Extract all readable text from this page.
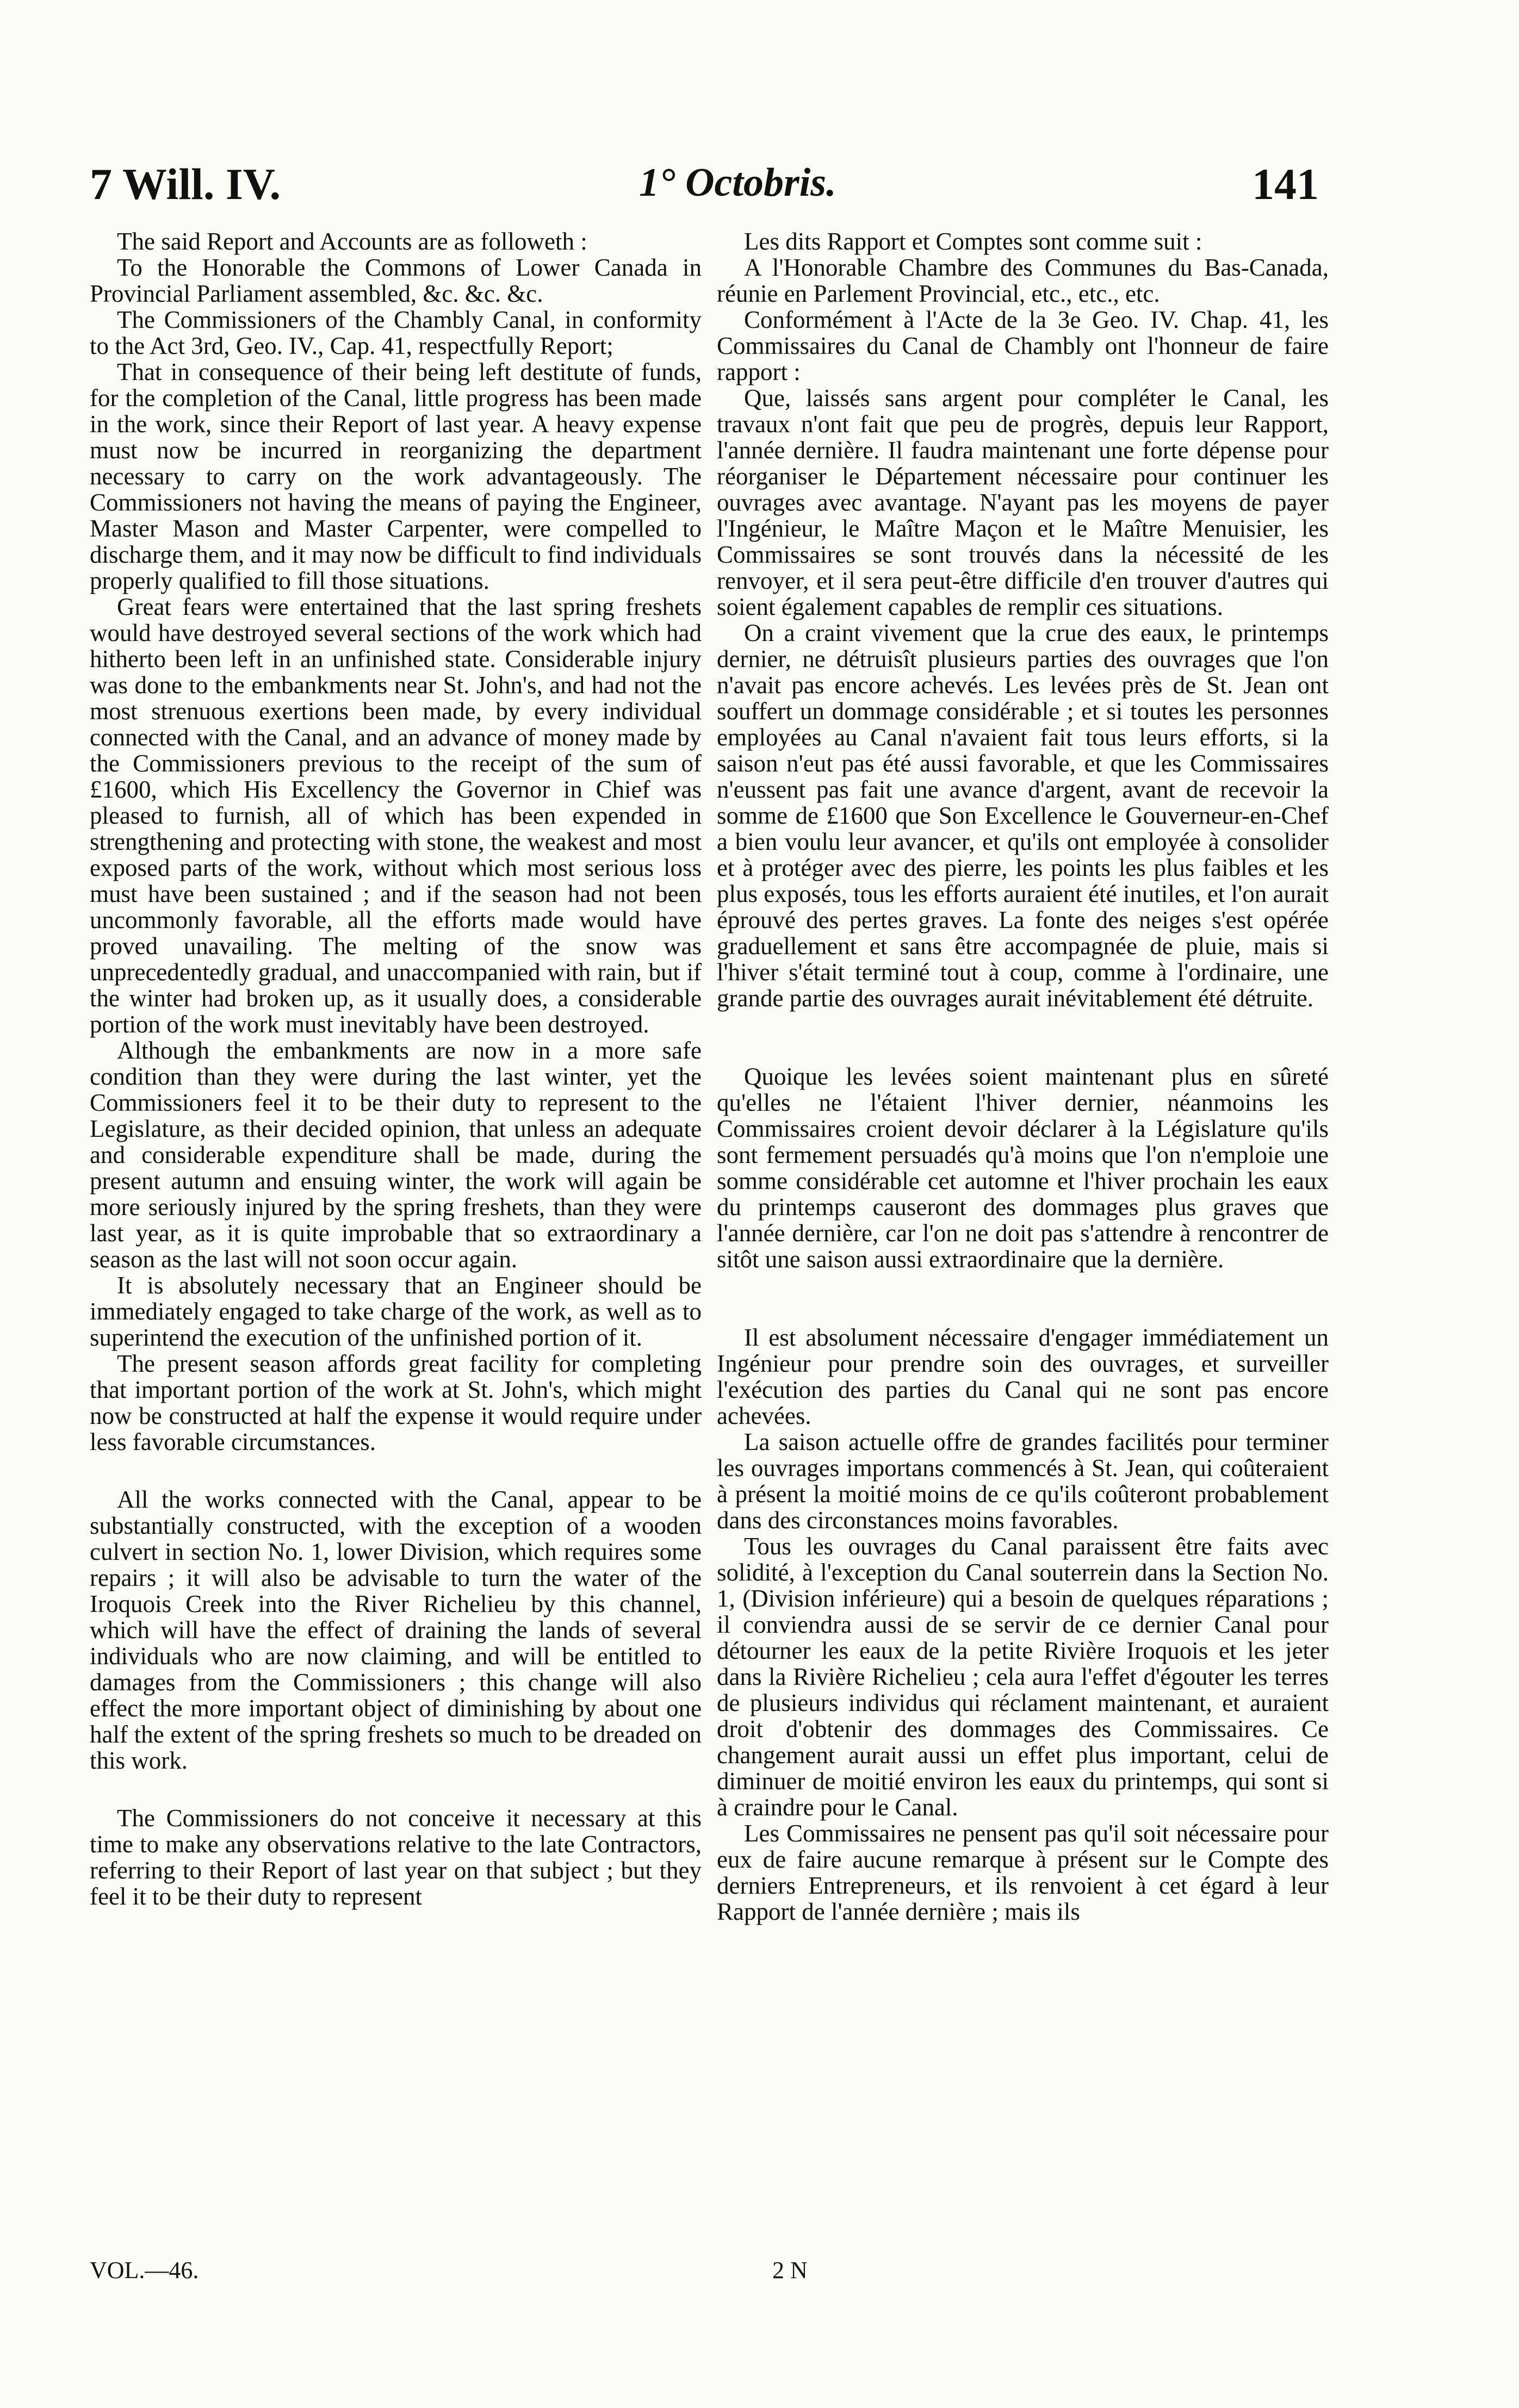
7 Will. IV.	1° Octobris.	141

The said Report and Accounts are as followeth :

To the Honorable the Commons of Lower Canada in Provincial Parliament assembled, &c. &c. &c.

The Commissioners of the Chambly Canal, in conformity to the Act 3rd, Geo. IV., Cap. 41, respectfully Report;

That in consequence of their being left destitute of funds, for the completion of the Canal, little progress has been made in the work, since their Report of last year. A heavy expense must now be incurred in reorganizing the department necessary to carry on the work advantageously. The Commissioners not having the means of paying the Engineer, Master Mason and Master Carpenter, were compelled to discharge them, and it may now be difficult to find individuals properly qualified to fill those situations.

Great fears were entertained that the last spring freshets would have destroyed several sections of the work which had hitherto been left in an unfinished state. Considerable injury was done to the embankments near St. John's, and had not the most strenuous exertions been made, by every individual connected with the Canal, and an advance of money made by the Commissioners previous to the receipt of the sum of £1600, which His Excellency the Governor in Chief was pleased to furnish, all of which has been expended in strengthening and protecting with stone, the weakest and most exposed parts of the work, without which most serious loss must have been sustained ; and if the season had not been uncommonly favorable, all the efforts made would have proved unavailing. The melting of the snow was unprecedentedly gradual, and unaccompanied with rain, but if the winter had broken up, as it usually does, a considerable portion of the work must inevitably have been destroyed.

Although the embankments are now in a more safe condition than they were during the last winter, yet the Commissioners feel it to be their duty to represent to the Legislature, as their decided opinion, that unless an adequate and considerable expenditure shall be made, during the present autumn and ensuing winter, the work will again be more seriously injured by the spring freshets, than they were last year, as it is quite improbable that so extraordinary a season as the last will not soon occur again.

It is absolutely necessary that an Engineer should be immediately engaged to take charge of the work, as well as to superintend the execution of the unfinished portion of it.

The present season affords great facility for completing that important portion of the work at St. John's, which might now be constructed at half the expense it would require under less favorable circumstances.

All the works connected with the Canal, appear to be substantially constructed, with the exception of a wooden culvert in section No. 1, lower Division, which requires some repairs ; it will also be advisable to turn the water of the Iroquois Creek into the River Richelieu by this channel, which will have the effect of draining the lands of several individuals who are now claiming, and will be entitled to damages from the Commissioners ; this change will also effect the more important object of diminishing by about one half the extent of the spring freshets so much to be dreaded on this work.

The Commissioners do not conceive it necessary at this time to make any observations relative to the late Contractors, referring to their Report of last year on that subject ; but they feel it to be their duty to represent

Les dits Rapport et Comptes sont comme suit :

A l'Honorable Chambre des Communes du Bas-Canada, réunie en Parlement Provincial, etc., etc., etc.

Conformément à l'Acte de la 3e Geo. IV. Chap. 41, les Commissaires du Canal de Chambly ont l'honneur de faire rapport :

Que, laissés sans argent pour compléter le Canal, les travaux n'ont fait que peu de progrès, depuis leur Rapport, l'année dernière. Il faudra maintenant une forte dépense pour réorganiser le Département nécessaire pour continuer les ouvrages avec avantage. N'ayant pas les moyens de payer l'Ingénieur, le Maître Maçon et le Maître Menuisier, les Commissaires se sont trouvés dans la nécessité de les renvoyer, et il sera peut-être difficile d'en trouver d'autres qui soient également capables de remplir ces situations.

On a craint vivement que la crue des eaux, le printemps dernier, ne détruisît plusieurs parties des ouvrages que l'on n'avait pas encore achevés. Les levées près de St. Jean ont souffert un dommage considérable ; et si toutes les personnes employées au Canal n'avaient fait tous leurs efforts, si la saison n'eut pas été aussi favorable, et que les Commissaires n'eussent pas fait une avance d'argent, avant de recevoir la somme de £1600 que Son Excellence le Gouverneur-en-Chef a bien voulu leur avancer, et qu'ils ont employée à consolider et à protéger avec des pierre, les points les plus faibles et les plus exposés, tous les efforts auraient été inutiles, et l'on aurait éprouvé des pertes graves. La fonte des neiges s'est opérée graduellement et sans être accompagnée de pluie, mais si l'hiver s'était terminé tout à coup, comme à l'ordinaire, une grande partie des ouvrages aurait inévitablement été détruite.

Quoique les levées soient maintenant plus en sûreté qu'elles ne l'étaient l'hiver dernier, néanmoins les Commissaires croient devoir déclarer à la Législature qu'ils sont fermement persuadés qu'à moins que l'on n'emploie une somme considérable cet automne et l'hiver prochain les eaux du printemps causeront des dommages plus graves que l'année dernière, car l'on ne doit pas s'attendre à rencontrer de sitôt une saison aussi extraordinaire que la dernière.

Il est absolument nécessaire d'engager immédiatement un Ingénieur pour prendre soin des ouvrages, et surveiller l'exécution des parties du Canal qui ne sont pas encore achevées.

La saison actuelle offre de grandes facilités pour terminer les ouvrages importans commencés à St. Jean, qui coûteraient à présent la moitié moins de ce qu'ils coûteront probablement dans des circonstances moins favorables.

Tous les ouvrages du Canal paraissent être faits avec solidité, à l'exception du Canal souterrein dans la Section No. 1, (Division inférieure) qui a besoin de quelques réparations ; il conviendra aussi de se servir de ce dernier Canal pour détourner les eaux de la petite Rivière Iroquois et les jeter dans la Rivière Richelieu ; cela aura l'effet d'égouter les terres de plusieurs individus qui réclament maintenant, et auraient droit d'obtenir des dommages des Commissaires. Ce changement aurait aussi un effet plus important, celui de diminuer de moitié environ les eaux du printemps, qui sont si à craindre pour le Canal.

Les Commissaires ne pensent pas qu'il soit nécessaire pour eux de faire aucune remarque à présent sur le Compte des derniers Entrepreneurs, et ils renvoient à cet égard à leur Rapport de l'année dernière ; mais ils

VOL.—46.	2 N
